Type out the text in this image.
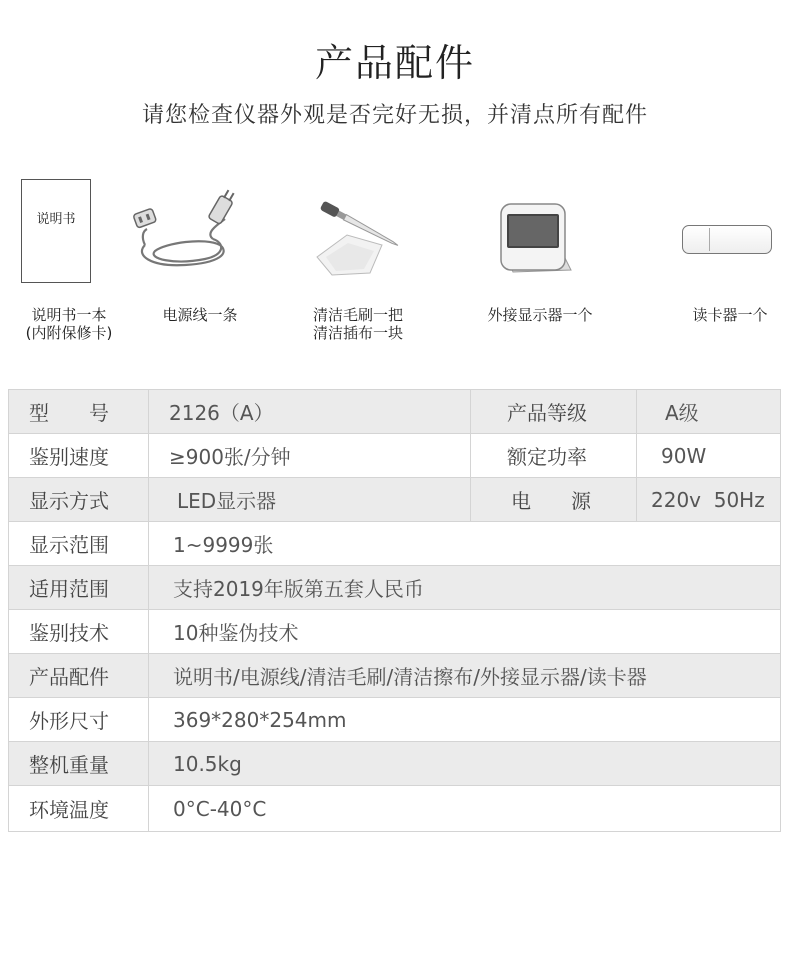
产品配件
请您检查仪器外观是否完好无损，并清点所有配件
说明书
说明书一本
(内附保修卡)
电源线一条	清洁毛刷一把
清洁插布一块
外接显示器一个	读卡器一个
型　　号	2126（A）	产品等级	A级
鉴别速度	≥900张/分钟	额定功率	90W
显示方式	LED显示器	电　　源	220v  50Hz
显示范围	1~9999张		
适用范围	支持2019年版第五套人民币		
鉴别技术	10种鉴伪技术		
产品配件	说明书/电源线/清洁毛刷/清洁擦布/外接显示器/读卡器		
外形尺寸	369*280*254mm		
整机重量	10.5kg		
环境温度	0°C-40°C		
